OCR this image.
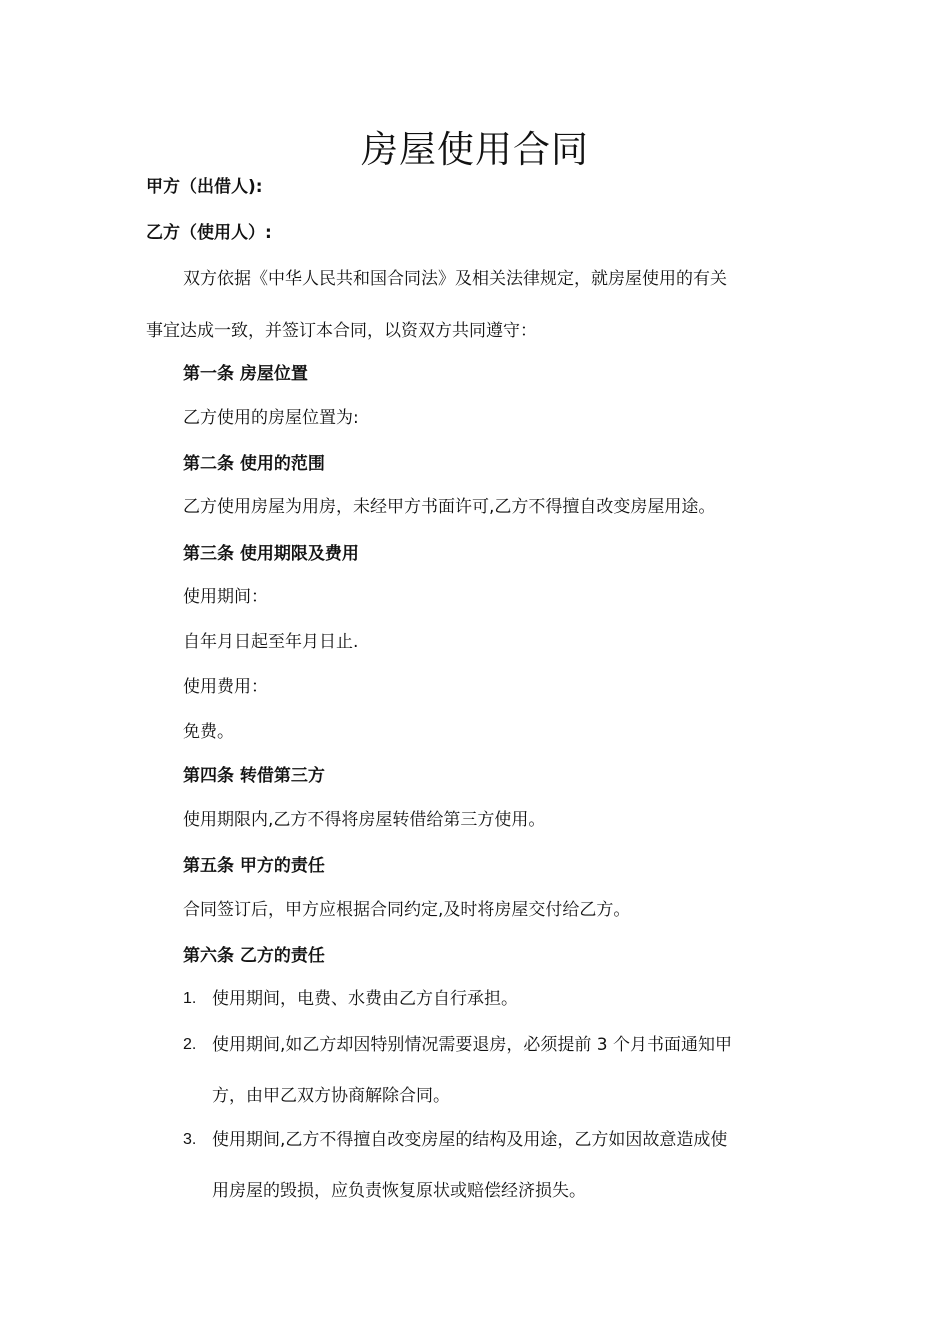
房屋使用合同
甲方（出借人):
乙方（使用人）:
双方依据《中华人民共和国合同法》及相关法律规定，就房屋使用的有关
事宜达成一致，并签订本合同，以资双方共同遵守：
第一条 房屋位置
乙方使用的房屋位置为:
第二条 使用的范围
乙方使用房屋为用房，未经甲方书面许可,乙方不得擅自改变房屋用途。
第三条 使用期限及费用
使用期间：
自年月日起至年月日止.
使用费用：
免费。
第四条 转借第三方
使用期限内,乙方不得将房屋转借给第三方使用。
第五条 甲方的责任
合同签订后，甲方应根据合同约定,及时将房屋交付给乙方。
第六条 乙方的责任
1. 使用期间，电费、水费由乙方自行承担。
2. 使用期间,如乙方却因特别情况需要退房，必须提前 3 个月书面通知甲
方，由甲乙双方协商解除合同。
3. 使用期间,乙方不得擅自改变房屋的结构及用途，乙方如因故意造成使
用房屋的毁损，应负责恢复原状或赔偿经济损失。
